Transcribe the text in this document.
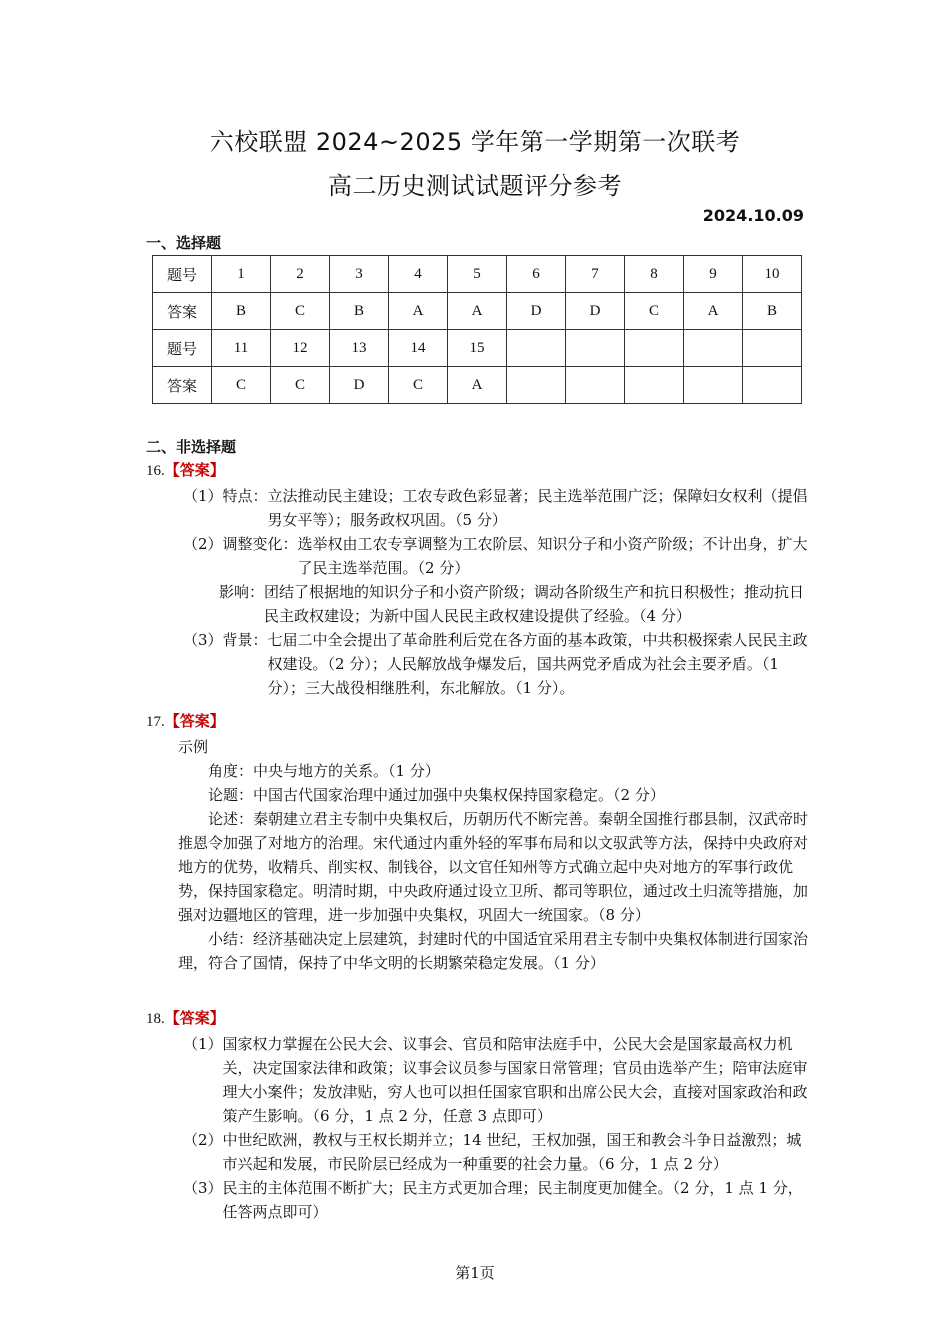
六校联盟 2024~2025 学年第一学期第一次联考
高二历史测试试题评分参考
2024.10.09
一、选择题
题号	1	2	3	4	5	6	7	8	9	10
答案	B	C	B	A	A	D	D	C	A	B
题号	11	12	13	14	15					
答案	C	C	D	C	A					
二、非选择题
16.【答案】
（1）特点： 立法推动民主建设；工农专政色彩显著；民主选举范围广泛；保障妇女权利（提倡男女平等）；服务政权巩固。（5 分）
（2）调整变化： 选举权由工农专享调整为工农阶层、知识分子和小资产阶级；不计出身，扩大了民主选举范围。（2 分）
影响： 团结了根据地的知识分子和小资产阶级；调动各阶级生产和抗日积极性；推动抗日民主政权建设；为新中国人民民主政权建设提供了经验。（4 分）
（3）背景： 七届二中全会提出了革命胜利后党在各方面的基本政策，中共积极探索人民民主政权建设。（2 分）；人民解放战争爆发后，国共两党矛盾成为社会主要矛盾。（1 分）；三大战役相继胜利，东北解放。（1 分）。
17.【答案】
示例
角度：中央与地方的关系。（1 分）
论题：中国古代国家治理中通过加强中央集权保持国家稳定。（2 分）
论述：秦朝建立君主专制中央集权后，历朝历代不断完善。秦朝全国推行郡县制，汉武帝时推恩令加强了对地方的治理。宋代通过内重外轻的军事布局和以文驭武等方法，保持中央政府对地方的优势，收精兵、削实权、制钱谷，以文官任知州等方式确立起中央对地方的军事行政优势，保持国家稳定。明清时期，中央政府通过设立卫所、都司等职位，通过改土归流等措施，加强对边疆地区的管理，进一步加强中央集权，巩固大一统国家。（8 分）
小结：经济基础决定上层建筑，封建时代的中国适宜采用君主专制中央集权体制进行国家治理，符合了国情，保持了中华文明的长期繁荣稳定发展。（1 分）
18.【答案】
（1） 国家权力掌握在公民大会、议事会、官员和陪审法庭手中，公民大会是国家最高权力机关，决定国家法律和政策；议事会议员参与国家日常管理；官员由选举产生；陪审法庭审理大小案件；发放津贴，穷人也可以担任国家官职和出席公民大会，直接对国家政治和政策产生影响。（6 分，1 点 2 分，任意 3 点即可）
（2） 中世纪欧洲，教权与王权长期并立；14 世纪，王权加强，国王和教会斗争日益激烈；城市兴起和发展，市民阶层已经成为一种重要的社会力量。（6 分，1 点 2 分）
（3） 民主的主体范围不断扩大；民主方式更加合理；民主制度更加健全。（2 分，1 点 1 分，任答两点即可）
第1页
